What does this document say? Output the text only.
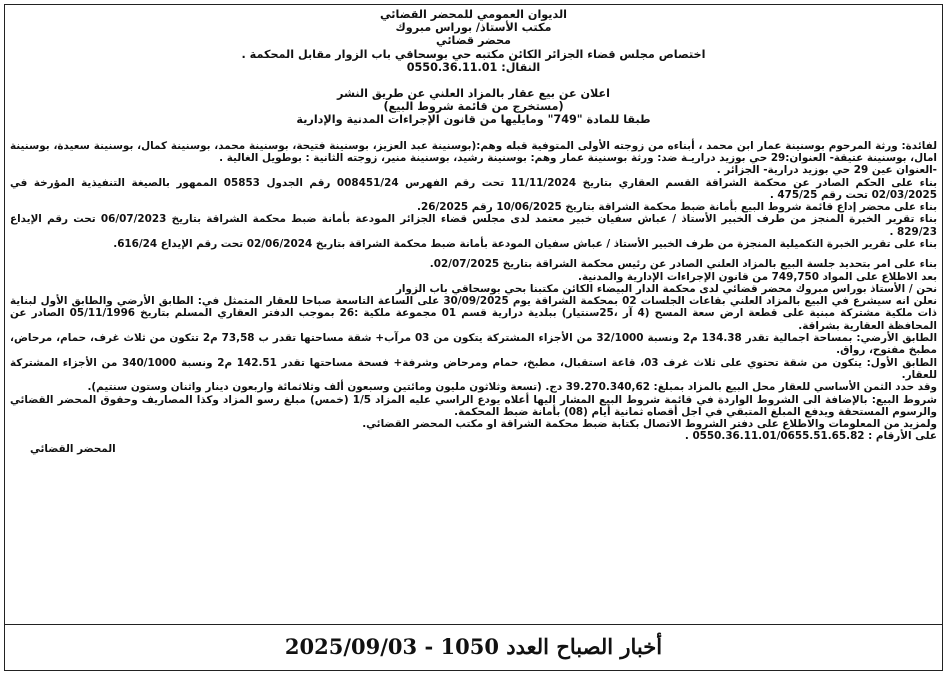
الديوان العمومي للمحضر القضائي

مكتب الأستاذ/ بوراس مبروك

محضر قضائي

اختصاص مجلس قضاء الجزائر الكائن مكتبه حي بوسحاقي باب الزوار مقابل المحكمة .

النقال: 0550.36.11.01

اعلان عن بيع عقار بالمزاد العلني عن طريق النشر

(مستخرج من قائمة شروط البيع)

طبقا للمادة "749" ومايليها من قانون الإجراءات المدنية والإدارية

لفائدة: ورثة المرحوم بوسنينة عمار ابن محمد ، أبناءه من زوجته الأولى المتوفية قبله وهم:(بوسنينة عبد العزيز، بوسنينة فتيحة، بوسنينة محمد، بوسنينة كمال، بوسنينة سعيدة، بوسنينة امال، بوسنينة عتيقة- العنوان:29 حي بوزيد دراريـة ضد: ورثة بوسنينة عمار وهم: بوسنينة رشيد، بوسنينة منير، زوجته الثانية : بوطويل الغالية .

-العنوان عين 29 حي بوزيد درارية- الجزائر .

بناء على الحكم الصادر عن محكمة الشراقة القسم العقاري بتاريخ 11/11/2024 تحت رقم الفهرس 008451/24 رقم الجدول 05853 الممهور بالصيغة التنفيذية المؤرخة في 02/03/2025 تحت رقم 475/25 .

بناء على محضر إداع قائمة شروط البيع بأمانة ضبط محكمة الشراقة بتاريخ 10/06/2025 رقم 26/2025.

بناء تقرير الخبرة المنجز من طرف الخبير الأستاذ / عباش سفيان خبير معتمد لدى مجلس قضاء الجزائر المودعة بأمانة ضبط محكمة الشراقة بتاريخ 06/07/2023 تحت رقم الإيداع 829/23 .

بناء على تقرير الخبرة التكميلية المنجزة من طرف الخبير الأستاذ / عباش سفيان المودعة بأمانة ضبط محكمة الشراقة بتاريخ 02/06/2024 تحت رقم الإيداع 616/24.

بناء على امر بتحديد جلسة البيع بالمزاد العلني الصادر عن رئيس محكمة الشراقة بتاريخ 02/07/2025.

بعد الاطلاع على المواد 749,750 من قانون الإجراءات الإدارية والمدنية.

نحن / الأستاذ بوراس مبروك محضر قضائي لدى محكمة الدار البيضاء الكائن مكتبنا بحي بوسحاقي باب الزوار

نعلن انه سيشرع في البيع بالمزاد العلني بقاعات الجلسات 02 بمحكمة الشراقة يوم 30/09/2025 على الساعة التاسعة صباحا للعقار المتمثل في: الطابق الأرضي والطابق الأول لبناية ذات ملكية مشتركة مبنية على قطعة ارض سعة المسح (4 آر ،25سنتيار) ببلدية درارية قسم 01 مجموعة ملكية :26 بموجب الدفتر العقاري المسلم بتاريخ 05/11/1996 الصادر عن المحافظة العقارية بشراقة.

الطابق الأرضي: بمساحة اجمالية تقدر 134.38 م2 ونسبة 32/1000 من الأجزاء المشتركة يتكون من 03 مرآب+ شقة مساحتها تقدر ب 73,58 م2 تتكون من ثلاث غرف، حمام، مرحاض، مطبخ مفتوح، رواق.

الطابق الأول: يتكون من شقة تحتوي على ثلاث غرف 03، قاعة استقبال، مطبخ، حمام ومرحاض وشرفة+ فسحة مساحتها تقدر 142.51 م2 ونسبة 340/1000 من الأجزاء المشتركة للعقار.

وقد حدد الثمن الأساسي للعقار محل البيع بالمزاد بمبلغ: 39.270.340,62 دج. (تسعة وثلاثون مليون ومائتين وسبعون ألف وثلاثمائة واربعون دينار واثنان وستون سنتيم).

شروط البيع: بالإضافة الى الشروط الواردة في قائمة شروط البيع المشار اليها أعلاه يودع الراسي عليه المزاد 1/5 (خمس) مبلغ رسو المزاد وكذا المصاريف وحقوق المحضر القضائي والرسوم المستحقة ويدفع المبلغ المتبقي في اجل أقصاه ثمانية أيام (08) بأمانة ضبط المحكمة.

ولمزيد من المعلومات والاطلاع على دفتر الشروط الاتصال بكتابة ضبط محكمة الشراقة او مكتب المحضر القضائي.

على الأرقام : 0550.36.11.01/0655.51.65.82 .

المحضر القضائي

أخبار الصباح العدد 1050 - 2025/09/03
